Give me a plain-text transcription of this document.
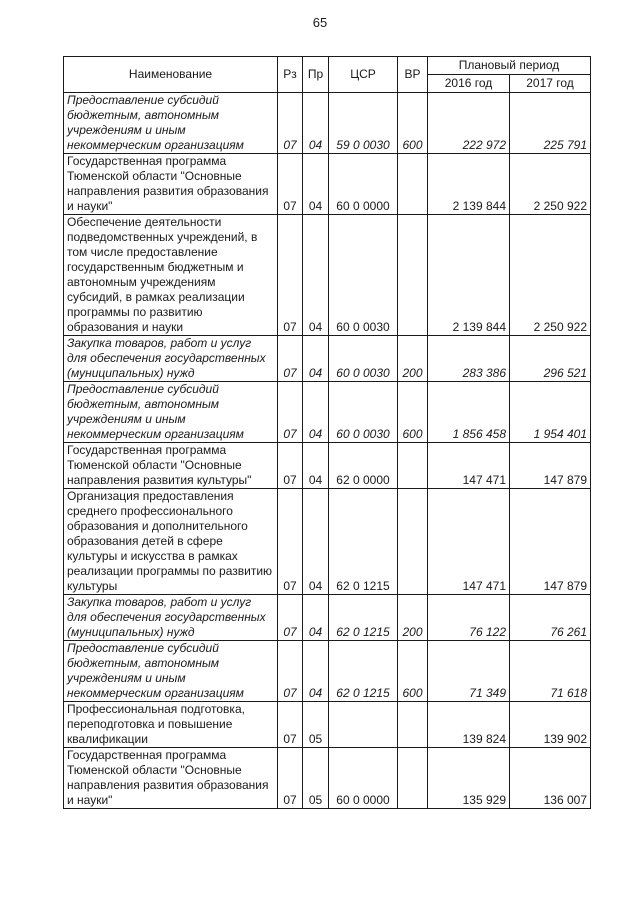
65
Наименование	Рз	Пр	ЦСР	ВР	Плановый период	
					2016 год	2017 год
Предоставление субсидий бюджетным, автономным учреждениям и иным некоммерческим организациям	07	04	59 0 0030	600	222 972	225 791
Государственная программа Тюменской области "Основные направления развития образования и науки"	07	04	60 0 0000		2 139 844	2 250 922
Обеспечение деятельности подведомственных учреждений, в том числе предоставление государственным бюджетным и автономным учреждениям субсидий, в рамках реализации программы по развитию образования и науки	07	04	60 0 0030		2 139 844	2 250 922
Закупка товаров, работ и услуг для обеспечения государственных (муниципальных) нужд	07	04	60 0 0030	200	283 386	296 521
Предоставление субсидий бюджетным, автономным учреждениям и иным некоммерческим организациям	07	04	60 0 0030	600	1 856 458	1 954 401
Государственная программа Тюменской области "Основные направления развития культуры"	07	04	62 0 0000		147 471	147 879
Организация предоставления среднего профессионального образования и дополнительного образования детей в сфере культуры и искусства в рамках реализации программы по развитию культуры	07	04	62 0 1215		147 471	147 879
Закупка товаров, работ и услуг для обеспечения государственных (муниципальных) нужд	07	04	62 0 1215	200	76 122	76 261
Предоставление субсидий бюджетным, автономным учреждениям и иным некоммерческим организациям	07	04	62 0 1215	600	71 349	71 618
Профессиональная подготовка, переподготовка и повышение квалификации	07	05			139 824	139 902
Государственная программа Тюменской области "Основные направления развития образования и науки"	07	05	60 0 0000		135 929	136 007
